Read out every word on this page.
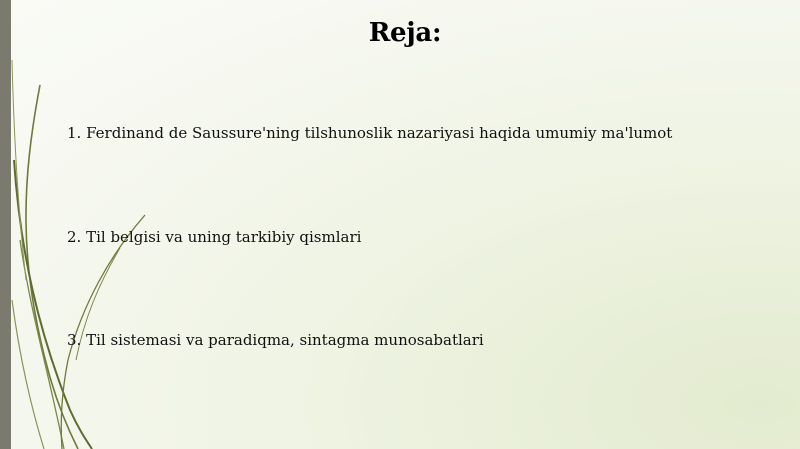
Reja:
1. Ferdinand de Saussure'ning tilshunoslik nazariyasi haqida umumiy ma'lumot
2. Til belgisi va uning tarkibiy qismlari
3. Til sistemasi va paradiqma, sintagma munosabatlari
